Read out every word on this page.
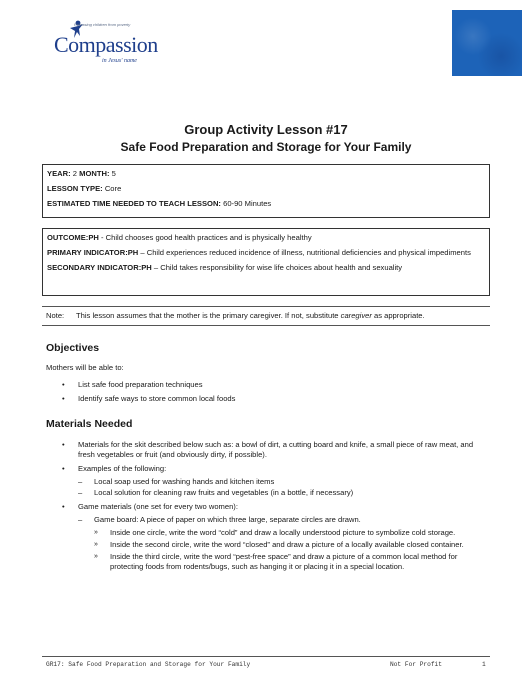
Releasing children from poverty
Compassion
in Jesus' name
Group Activity Lesson #17
Safe Food Preparation and Storage for Your Family

YEAR: 2 MONTH: 5

LESSON TYPE: Core

ESTIMATED TIME NEEDED TO TEACH LESSON: 60-90 Minutes

OUTCOME:PH - Child chooses good health practices and is physically healthy

PRIMARY INDICATOR:PH – Child experiences reduced incidence of illness, nutritional deficiencies and physical impediments

SECONDARY INDICATOR:PH – Child takes responsibility for wise life choices about health and sexuality

Note:	This lesson assumes that the mother is the primary caregiver. If not, substitute caregiver as appropriate.
Objectives
Mothers will be able to:
• List safe food preparation techniques
• Identify safe ways to store common local foods
Materials Needed
• Materials for the skit described below such as: a bowl of dirt, a cutting board and knife, a small piece of raw meat, and fresh vegetables or fruit (and obviously dirty, if possible).
• Examples of the following:
– Local soap used for washing hands and kitchen items
– Local solution for cleaning raw fruits and vegetables (in a bottle, if necessary)
• Game materials (one set for every two women):
– Game board: A piece of paper on which three large, separate circles are drawn.
» Inside one circle, write the word “cold” and draw a locally understood picture to symbolize cold storage.
» Inside the second circle, write the word “closed” and draw a picture of a locally available closed container.
» Inside the third circle, write the word “pest-free space” and draw a picture of a common local method for protecting foods from rodents/bugs, such as hanging it or placing it in a special location.
GR17: Safe Food Preparation and Storage for Your Family	Not For Profit	1
